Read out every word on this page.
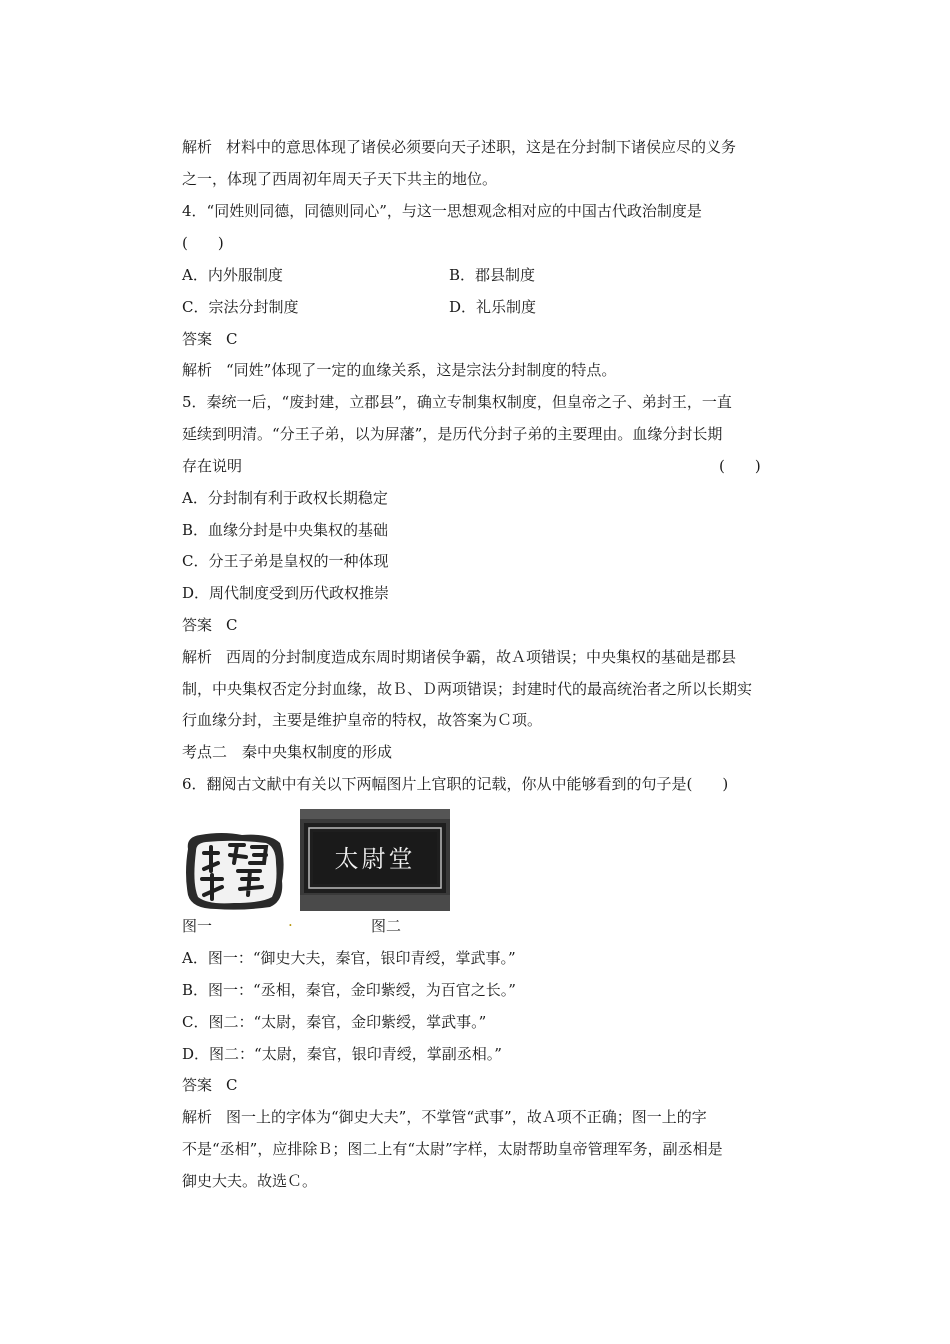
解析 材料中的意思体现了诸侯必须要向天子述职，这是在分封制下诸侯应尽的义务
之一，体现了西周初年周天子天下共主的地位。
4．“同姓则同德，同德则同心”，与这一思想观念相对应的中国古代政治制度是
(　　)
A．内外服制度	B．郡县制度
C．宗法分封制度	D．礼乐制度
答案 C
解析 “同姓”体现了一定的血缘关系，这是宗法分封制度的特点。
5．秦统一后，“废封建，立郡县”，确立专制集权制度，但皇帝之子、弟封王，一直
延续到明清。“分王子弟，以为屏藩”，是历代分封子弟的主要理由。血缘分封长期
存在说明	(　　)
A．分封制有利于政权长期稳定
B．血缘分封是中央集权的基础
C．分王子弟是皇权的一种体现
D．周代制度受到历代政权推崇
答案 C
解析 西周的分封制度造成东周时期诸侯争霸，故Ａ项错误；中央集权的基础是郡县
制，中央集权否定分封血缘，故Ｂ、Ｄ两项错误；封建时代的最高统治者之所以长期实
行血缘分封，主要是维护皇帝的特权，故答案为Ｃ项。
考点二　秦中央集权制度的形成
6．翻阅古文献中有关以下两幅图片上官职的记载，你从中能够看到的句子是(　　)
太尉堂
图一	.	图二
A．图一：“御史大夫，秦官，银印青绶，掌武事。”
B．图一：“丞相，秦官，金印紫绶，为百官之长。”
C．图二：“太尉，秦官，金印紫绶，掌武事。”
D．图二：“太尉，秦官，银印青绶，掌副丞相。”
答案 C
解析 图一上的字体为“御史大夫”，不掌管“武事”，故Ａ项不正确；图一上的字
不是“丞相”，应排除Ｂ；图二上有“太尉”字样，太尉帮助皇帝管理军务，副丞相是
御史大夫。故选Ｃ。
